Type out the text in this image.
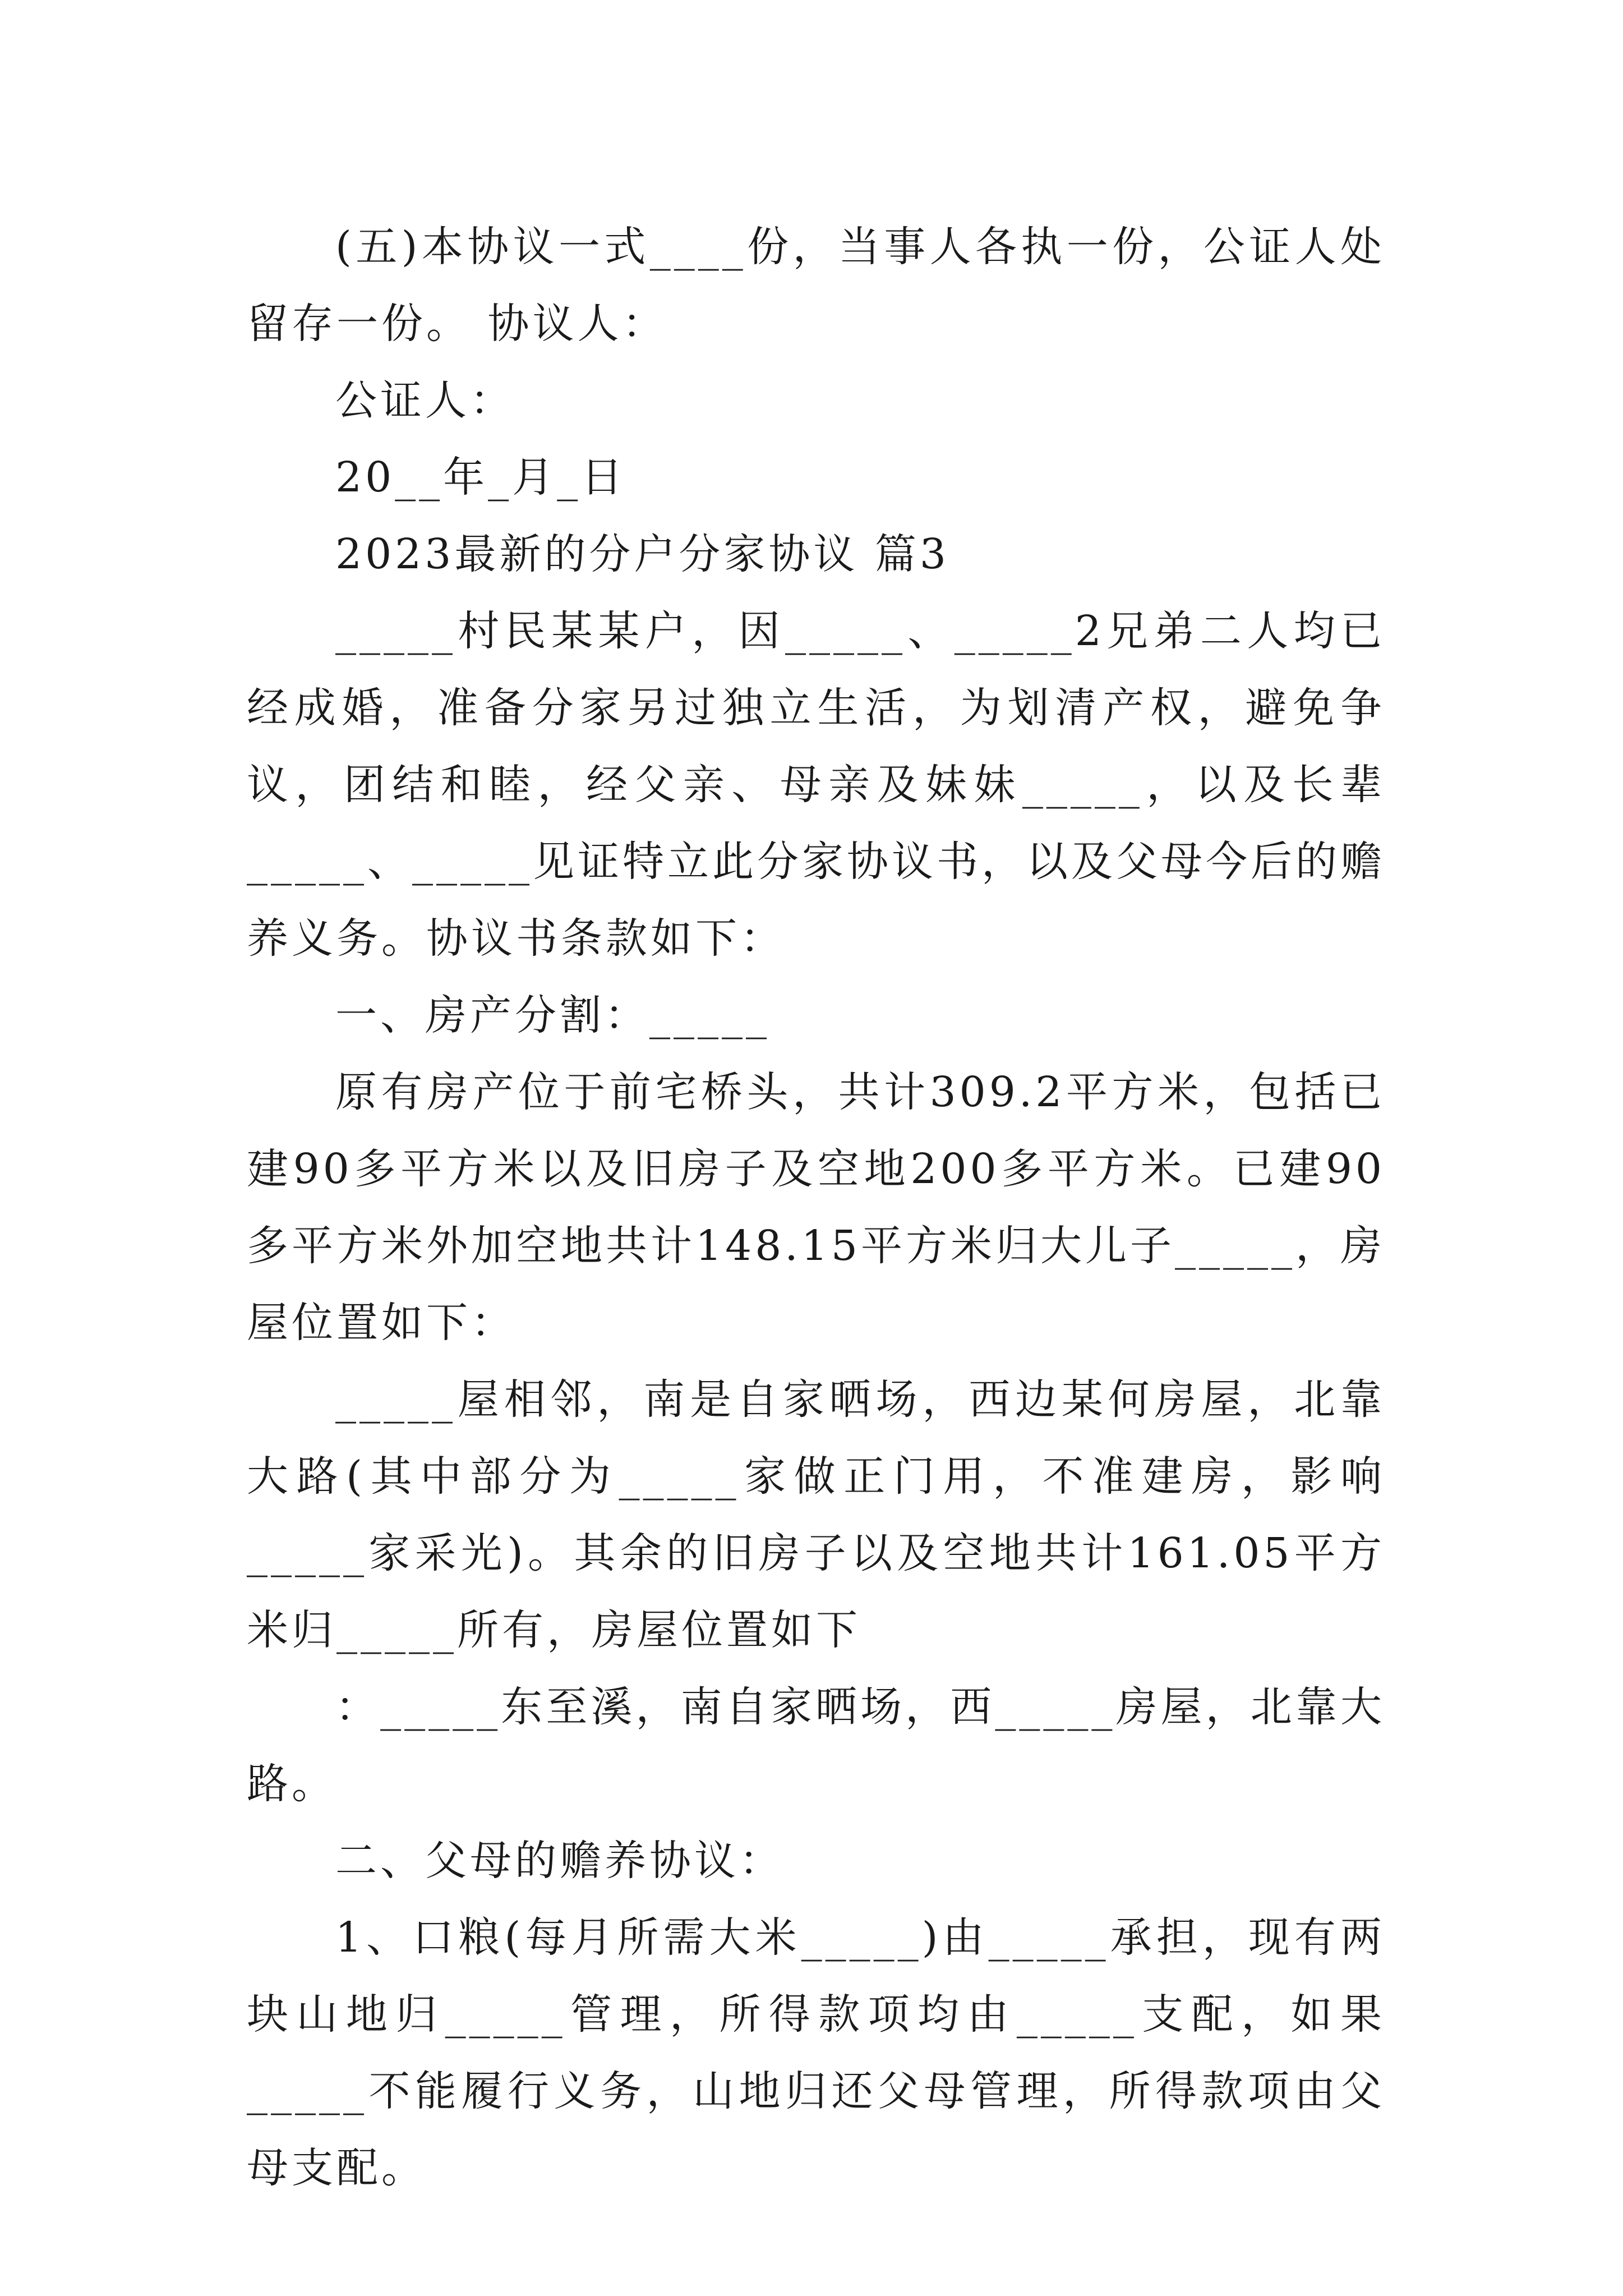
(五)本协议一式____份，当事人各执一份，公证人处留存一份。 协议人：

公证人：

20__年_月_日

2023最新的分户分家协议 篇3

_____村民某某户，因_____、_____2兄弟二人均已经成婚，准备分家另过独立生活，为划清产权，避免争议，团结和睦，经父亲、母亲及妹妹_____，以及长辈_____、_____见证特立此分家协议书，以及父母今后的赡养义务。协议书条款如下：

一、房产分割：_____

原有房产位于前宅桥头，共计309.2平方米，包括已建90多平方米以及旧房子及空地200多平方米。已建90多平方米外加空地共计148.15平方米归大儿子_____，房屋位置如下：

_____屋相邻，南是自家晒场，西边某何房屋，北靠大路(其中部分为_____家做正门用，不准建房，影响_____家采光)。其余的旧房子以及空地共计161.05平方米归_____所有，房屋位置如下

：_____东至溪，南自家晒场，西_____房屋，北靠大路。

二、父母的赡养协议：

1、口粮(每月所需大米_____)由_____承担，现有两块山地归_____管理，所得款项均由_____支配，如果_____不能履行义务，山地归还父母管理，所得款项由父母支配。
